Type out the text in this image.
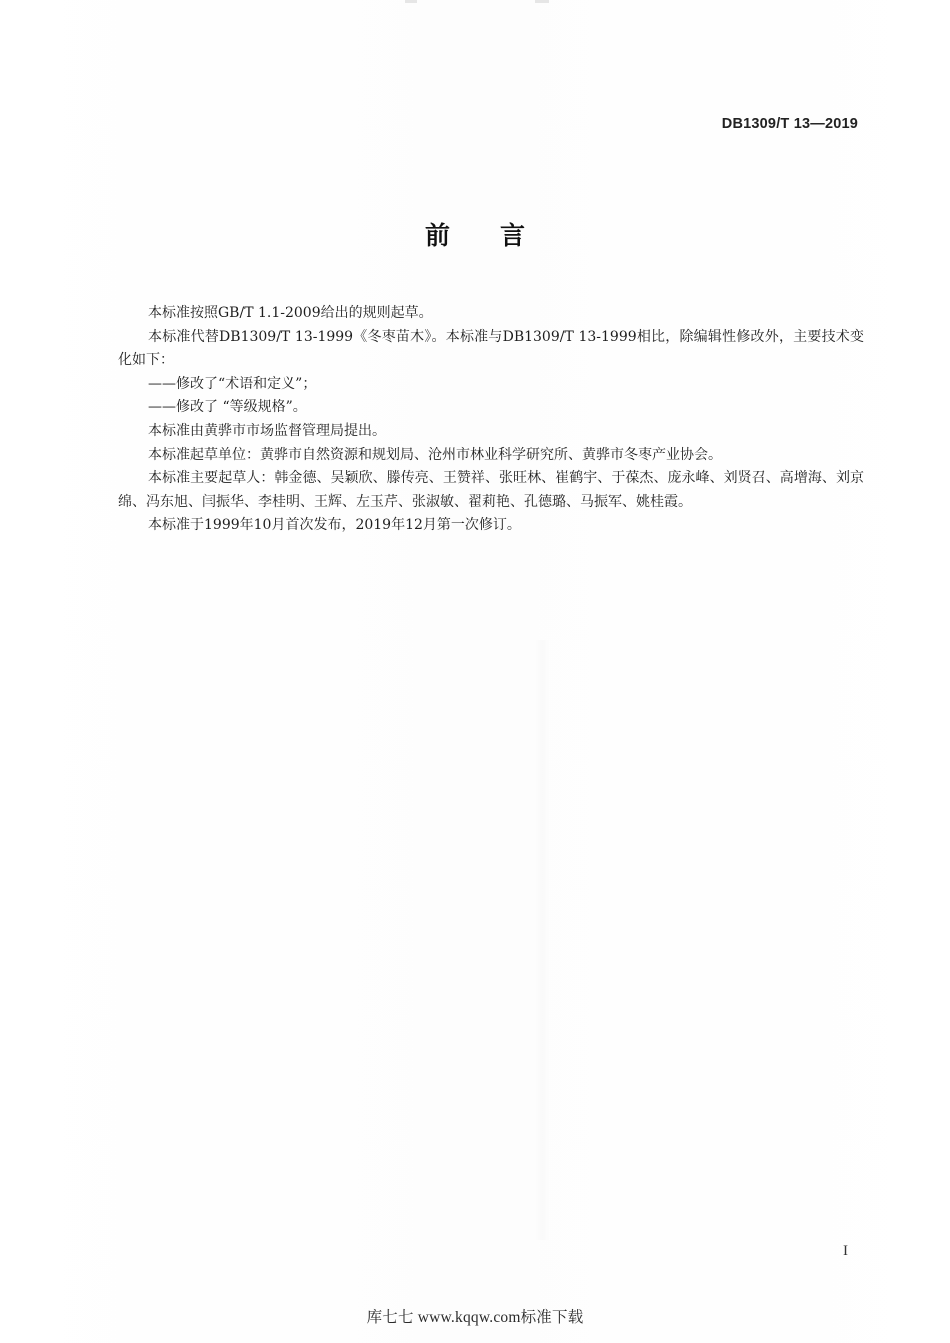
DB1309/T 13—2019
前言

本标准按照GB/T 1.1-2009给出的规则起草。

本标准代替DB1309/T 13-1999《冬枣苗木》。本标准与DB1309/T 13-1999相比，除编辑性修改外，主要技术变化如下：

——修改了“术语和定义”；

——修改了 “等级规格”。

本标准由黄骅市市场监督管理局提出。

本标准起草单位：黄骅市自然资源和规划局、沧州市林业科学研究所、黄骅市冬枣产业协会。

本标准主要起草人：韩金德、吴颖欣、滕传亮、王赞祥、张旺林、崔鹤宇、于葆杰、庞永峰、刘贤召、高增海、刘京绵、冯东旭、闫振华、李桂明、王辉、左玉芹、张淑敏、翟莉艳、孔德璐、马振军、姚桂霞。

本标准于1999年10月首次发布，2019年12月第一次修订。

I
库七七 www.kqqw.com标准下载
